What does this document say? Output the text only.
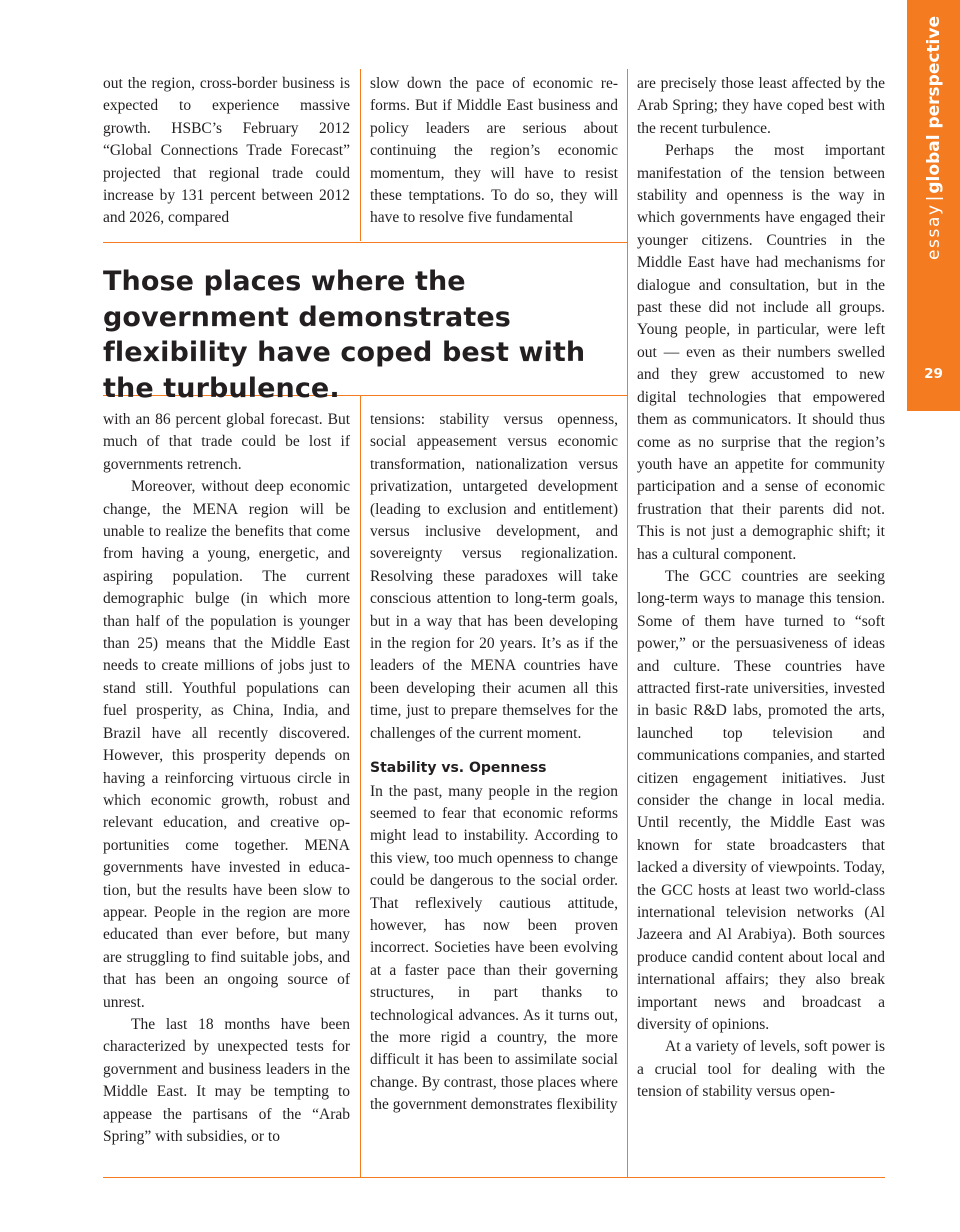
essay|global perspective
29

out the region, cross-border business is expected to experience massive growth. HSBC’s February 2012 “Global Connections Trade Forecast” projected that regional trade could increase by 131 percent between 2012 and 2026, compared

slow down the pace of economic reforms. But if Middle East business and policy leaders are serious about continuing the region’s economic momentum, they will have to resist these temptations. To do so, they will have to resolve five fundamental

Those places where the government demonstrates flexibility have coped best with the turbulence.

with an 86 percent global forecast. But much of that trade could be lost if governments retrench.

Moreover, without deep economic change, the MENA region will be unable to realize the benefits that come from having a young, energetic, and aspiring population. The current demographic bulge (in which more than half of the population is younger than 25) means that the Middle East needs to create millions of jobs just to stand still. Youthful populations can fuel prosperity, as China, India, and Brazil have all recently discovered. However, this prosperity depends on having a reinforcing virtuous circle in which economic growth, robust and relevant education, and creative opportunities come together. MENA governments have invested in education, but the results have been slow to appear. People in the region are more educated than ever before, but many are struggling to find suitable jobs, and that has been an ongoing source of unrest.

The last 18 months have been characterized by unexpected tests for government and business leaders in the Middle East. It may be tempting to appease the partisans of the “Arab Spring” with subsidies, or to

tensions: stability versus openness, social appeasement versus economic transformation, nationalization versus privatization, untargeted development (leading to exclusion and entitlement) versus inclusive development, and sovereignty versus regionalization. Resolving these paradoxes will take conscious attention to long-term goals, but in a way that has been developing in the region for 20 years. It’s as if the leaders of the MENA countries have been developing their acumen all this time, just to prepare themselves for the challenges of the current moment.

Stability vs. Openness

In the past, many people in the region seemed to fear that economic reforms might lead to instability. According to this view, too much openness to change could be dangerous to the social order. That reflexively cautious attitude, however, has now been proven incorrect. Societies have been evolving at a faster pace than their governing structures, in part thanks to technological advances. As it turns out, the more rigid a country, the more difficult it has been to assimilate social change. By contrast, those places where the government demonstrates flexibility

are precisely those least affected by the Arab Spring; they have coped best with the recent turbulence.

Perhaps the most important manifestation of the tension between stability and openness is the way in which governments have engaged their younger citizens. Countries in the Middle East have had mechanisms for dialogue and consultation, but in the past these did not include all groups. Young people, in particular, were left out — even as their numbers swelled and they grew accustomed to new digital technologies that empowered them as communicators. It should thus come as no surprise that the region’s youth have an appetite for community participation and a sense of economic frustration that their parents did not. This is not just a demographic shift; it has a cultural component.

The GCC countries are seeking long-term ways to manage this tension. Some of them have turned to “soft power,” or the persuasiveness of ideas and culture. These countries have attracted first-rate universities, invested in basic R&D labs, promoted the arts, launched top television and communications companies, and started citizen engagement initiatives. Just consider the change in local media. Until recently, the Middle East was known for state broadcasters that lacked a diversity of viewpoints. Today, the GCC hosts at least two world-class international television networks (Al Jazeera and Al Arabiya). Both sources produce candid content about local and international affairs; they also break important news and broadcast a diversity of opinions.

At a variety of levels, soft power is a crucial tool for dealing with the tension of stability versus open-
